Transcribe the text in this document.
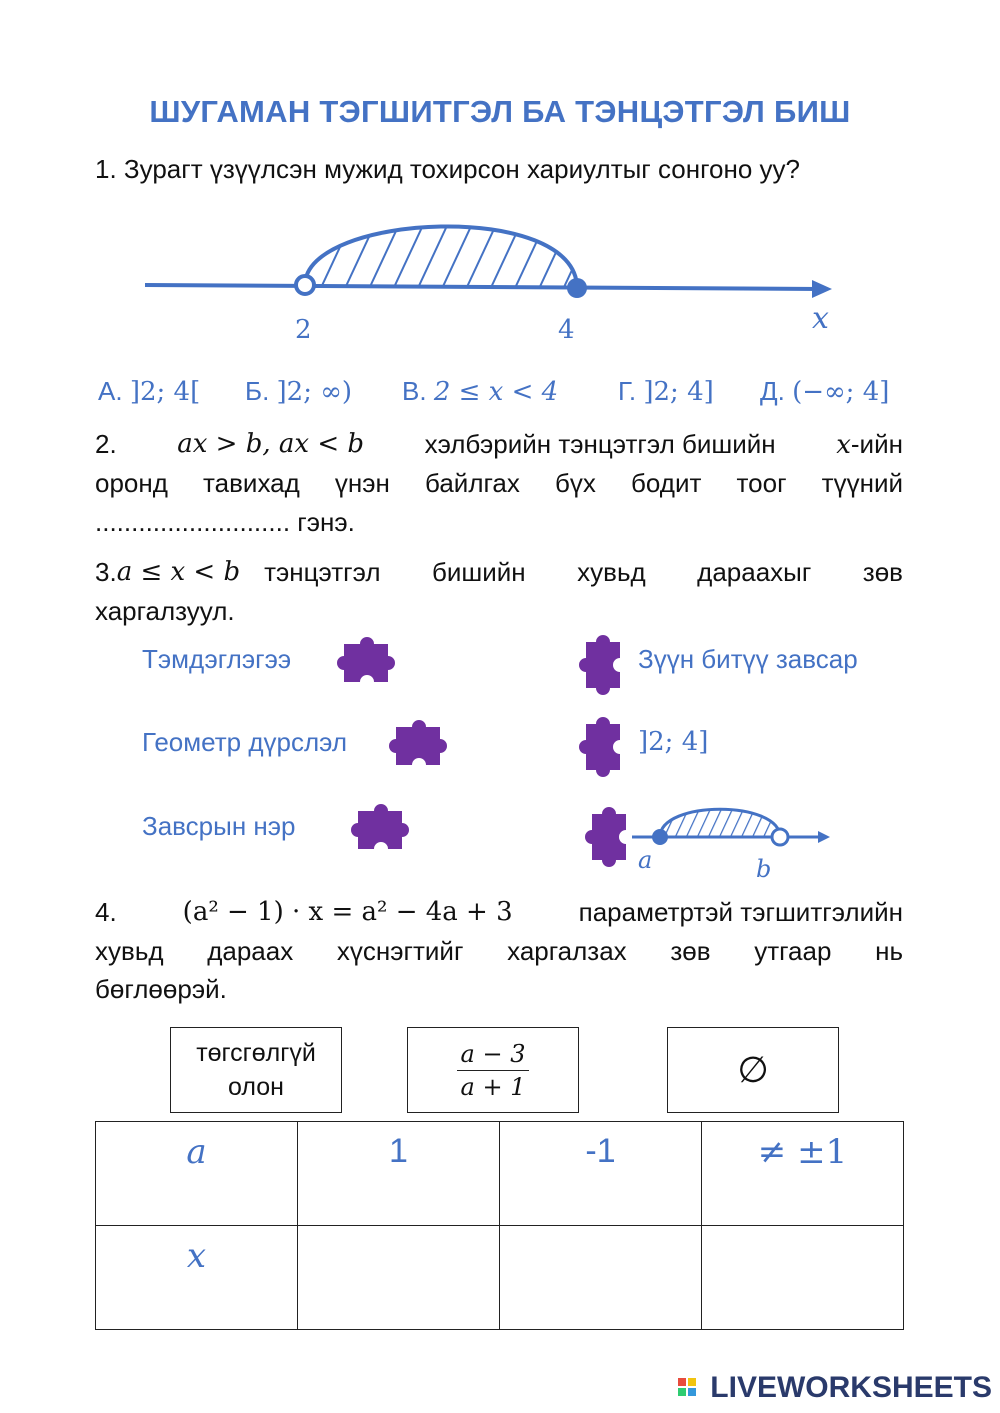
ШУГАМАН ТЭГШИТГЭЛ БА ТЭНЦЭТГЭЛ БИШ
1. Зурагт үзүүлсэн мужид тохирсон хариултыг сонгоно уу?
2	4	x
А. ]2; 4[ Б. ]2; ∞) В. 2 ≤ x < 4 Г. ]2; 4] Д. (−∞; 4]
2. ax > b, ax < b хэлбэрийн тэнцэтгэл бишийн x-ийн
оронд тавихад үнэн байлгах бүх бодит тоог түүний
........................... гэнэ.
3. a ≤ x < b тэнцэтгэл бишийн хувьд дараахыг зөв
харгалзуул.
Тэмдэглэгээ
Геометр дүрслэл
Завсрын нэр
Зүүн битүү завсар
]2; 4]
a	b
4.	(a² − 1) · x = a² − 4a + 3	параметртэй тэгшитгэлийн
хувьд дараах хүснэгтийг харгалзах зөв утгаар нь
бөглөөрэй.
төгсгөлгүй
олон	$\frac{a - 3}{a + 1}$	∅
a	1	-1	≠ ±1
x			
LIVEWORKSHEETS
